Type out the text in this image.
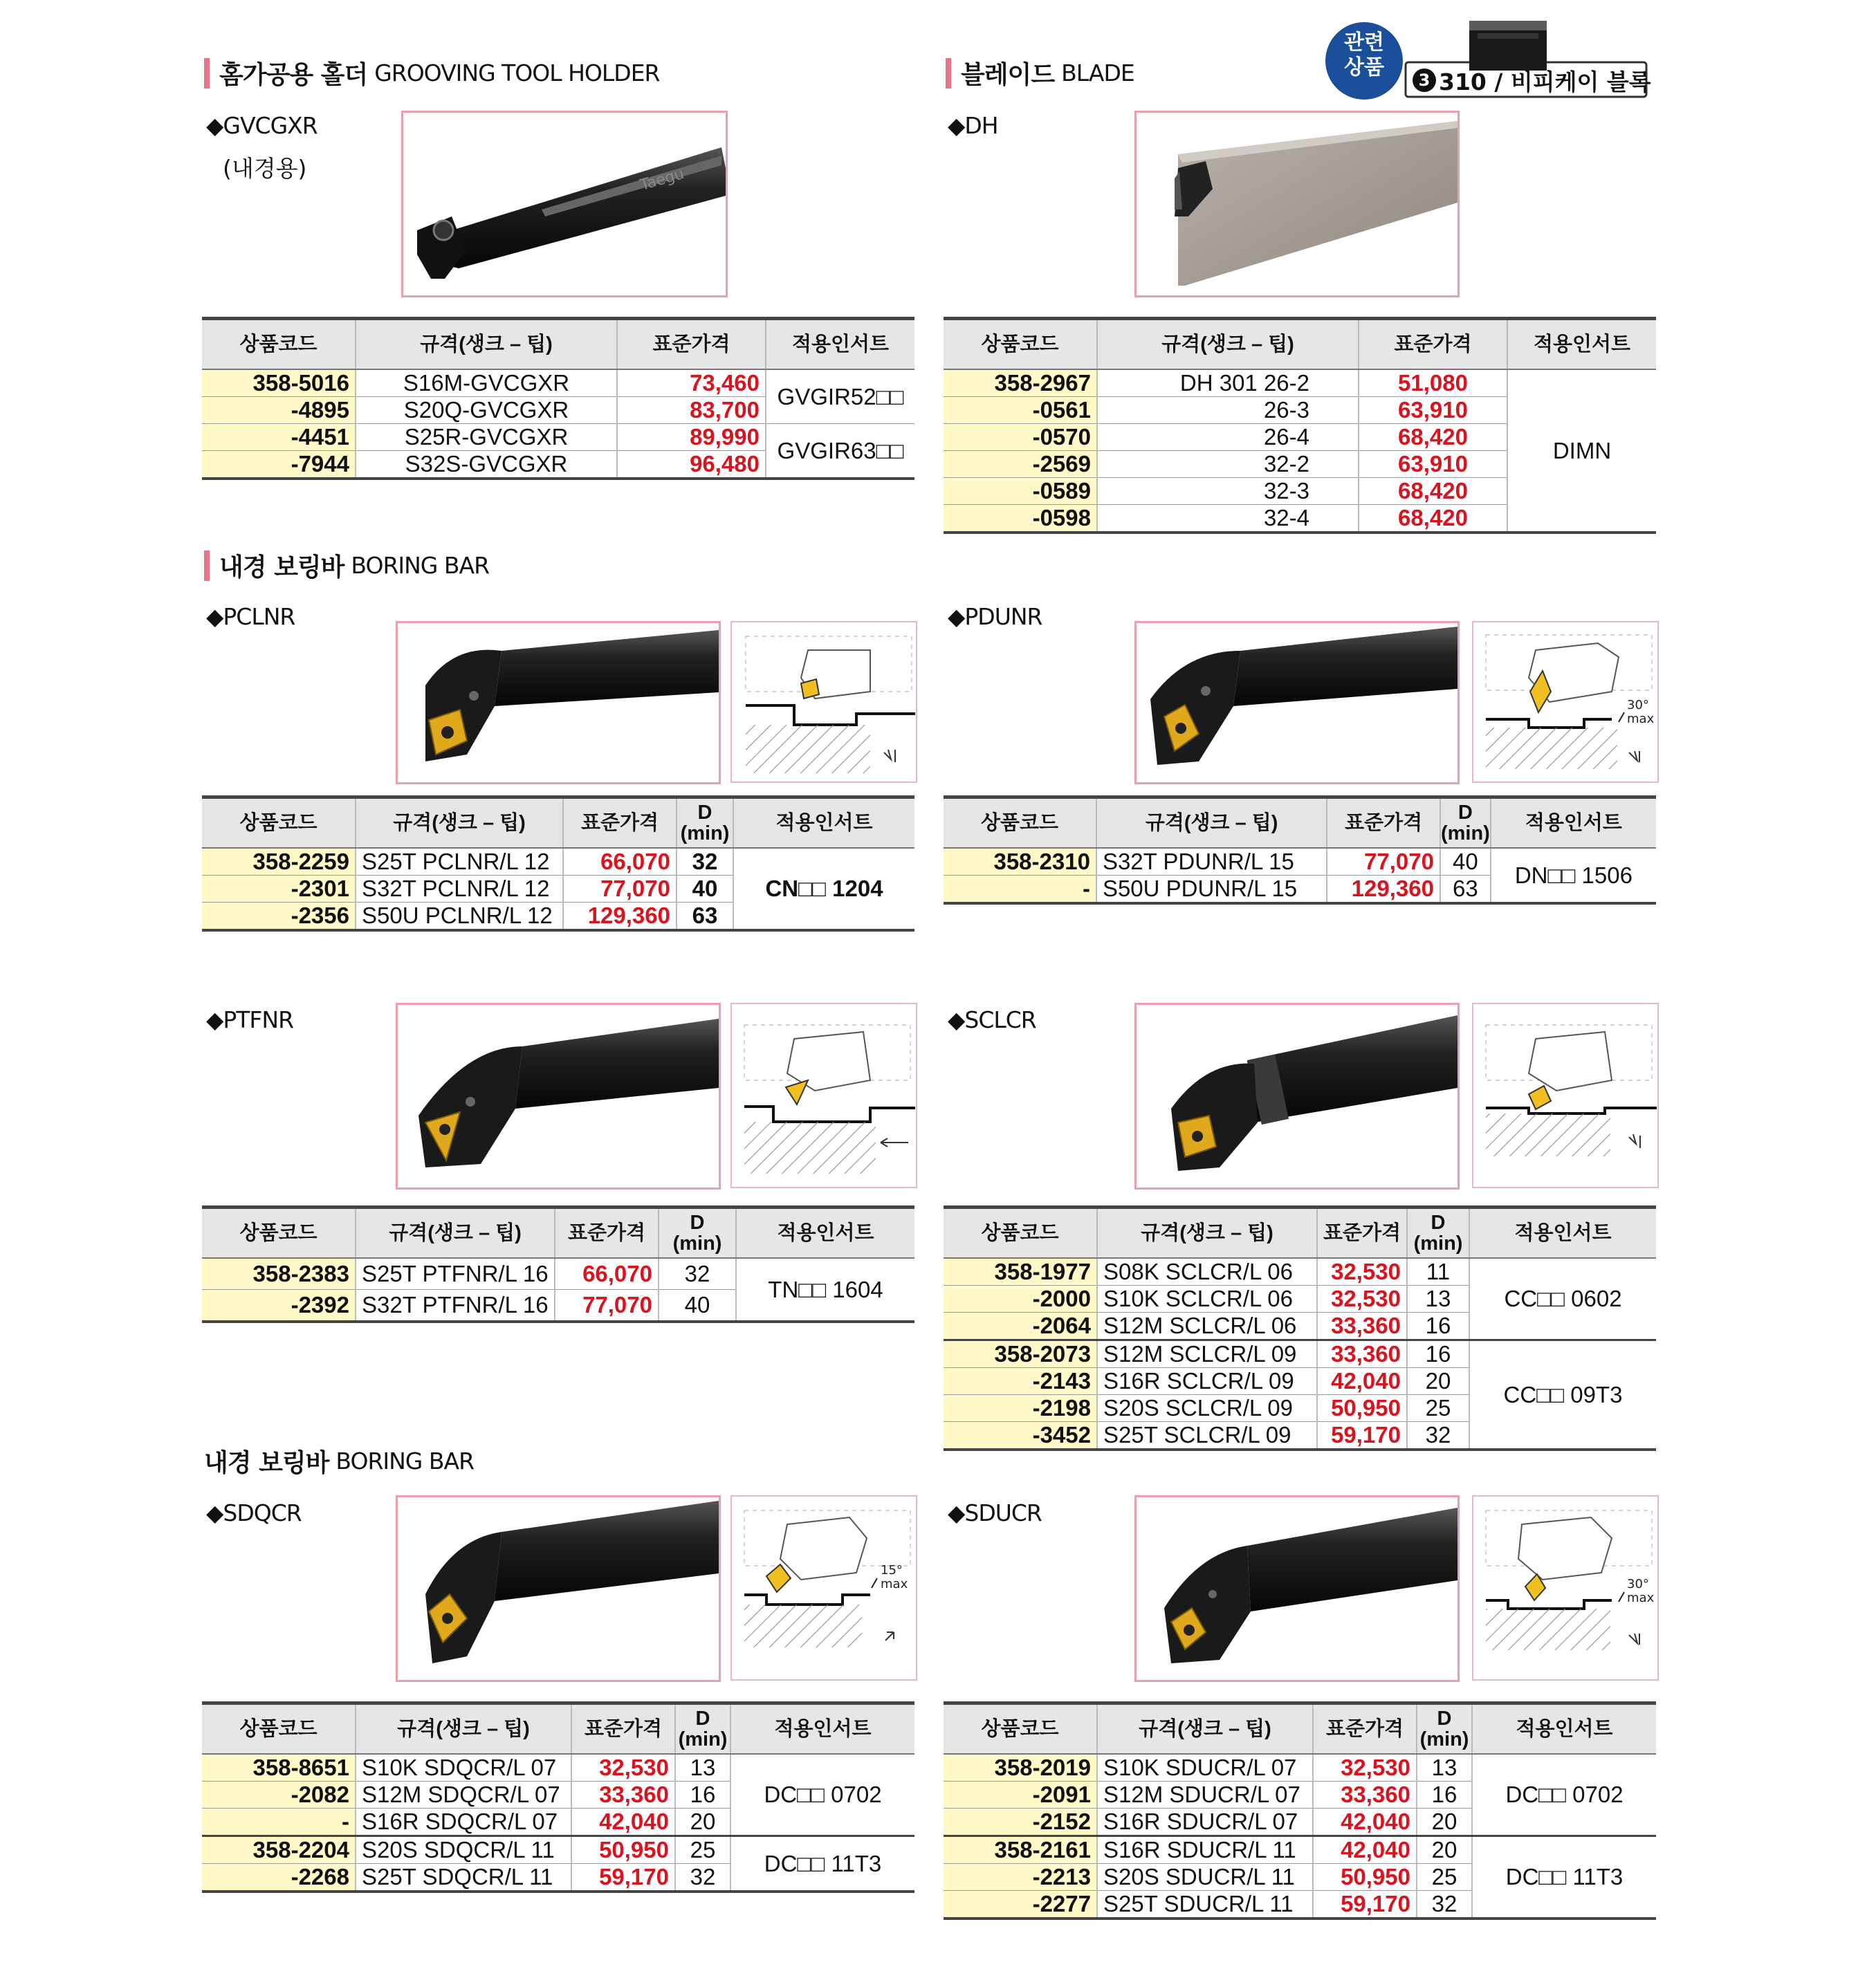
홈가공용 홀더 GROOVING TOOL HOLDER	블레이드 BLADE
내경 보링바 BORING BAR
내경 보링바 BORING BAR
관련
상품
3 310 / 비피케이 블록
◆GVCGXR
(내경용)	Taegu
상품코드	규격(생크 – 팁)	표준가격	적용인서트
358-5016	S16M-GVCGXR	73,460	GVGIR52□□
-4895	S20Q-GVCGXR	83,700	
-4451	S25R-GVCGXR	89,990	GVGIR63□□
-7944	S32S-GVCGXR	96,480	
◆DH
상품코드	규격(생크 – 팁)	표준가격	적용인서트
358-2967	DH 301 26-2	51,080	DIMN
-0561	26-3	63,910	
-0570	26-4	68,420	
-2569	32-2	63,910	
-0589	32-3	68,420	
-0598	32-4	68,420	
◆PCLNR
상품코드	규격(생크 – 팁)	표준가격	D
(min)	적용인서트
358-2259	S25T PCLNR/L 12	66,070	32	CN□□ 1204
-2301	S32T PCLNR/L 12	77,070	40	
-2356	S50U PCLNR/L 12	129,360	63	
◆PDUNR
30°
max
상품코드	규격(생크 – 팁)	표준가격	D
(min)	적용인서트
358-2310	S32T PDUNR/L 15	77,070	40	DN□□ 1506
-	S50U PDUNR/L 15	129,360	63	
◆PTFNR
상품코드	규격(생크 – 팁)	표준가격	D
(min)	적용인서트
358-2383	S25T PTFNR/L 16	66,070	32	TN□□ 1604
-2392	S32T PTFNR/L 16	77,070	40	
◆SCLCR
상품코드	규격(생크 – 팁)	표준가격	D
(min)	적용인서트
358-1977	S08K SCLCR/L 06	32,530	11	CC□□ 0602
-2000	S10K SCLCR/L 06	32,530	13	
-2064	S12M SCLCR/L 06	33,360	16	
358-2073	S12M SCLCR/L 09	33,360	16	CC□□ 09T3
-2143	S16R SCLCR/L 09	42,040	20	
-2198	S20S SCLCR/L 09	50,950	25	
-3452	S25T SCLCR/L 09	59,170	32	
◆SDQCR
15°
max
상품코드	규격(생크 – 팁)	표준가격	D
(min)	적용인서트
358-8651	S10K SDQCR/L 07	32,530	13	DC□□ 0702
-2082	S12M SDQCR/L 07	33,360	16	
-	S16R SDQCR/L 07	42,040	20	
358-2204	S20S SDQCR/L 11	50,950	25	DC□□ 11T3
-2268	S25T SDQCR/L 11	59,170	32	
◆SDUCR
30°
max
상품코드	규격(생크 – 팁)	표준가격	D
(min)	적용인서트
358-2019	S10K SDUCR/L 07	32,530	13	DC□□ 0702
-2091	S12M SDUCR/L 07	33,360	16	
-2152	S16R SDUCR/L 07	42,040	20	
358-2161	S16R SDUCR/L 11	42,040	20	DC□□ 11T3
-2213	S20S SDUCR/L 11	50,950	25	
-2277	S25T SDUCR/L 11	59,170	32	
